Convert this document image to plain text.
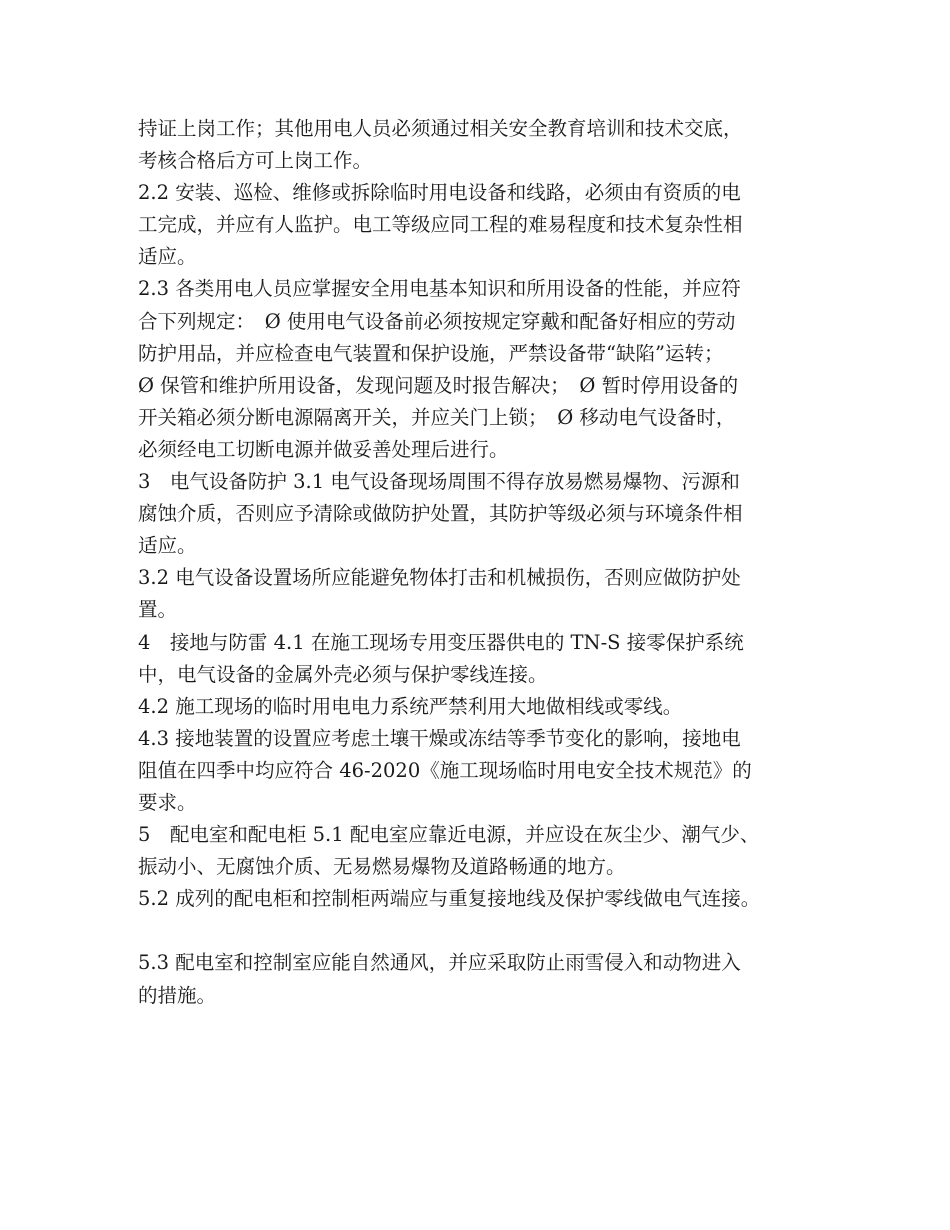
持证上岗工作；其他用电人员必须通过相关安全教育培训和技术交底，
考核合格后方可上岗工作。
2.2 安装、巡检、维修或拆除临时用电设备和线路，必须由有资质的电
工完成，并应有人监护。电工等级应同工程的难易程度和技术复杂性相
适应。
2.3 各类用电人员应掌握安全用电基本知识和所用设备的性能，并应符
合下列规定：　Ø 使用电气设备前必须按规定穿戴和配备好相应的劳动
防护用品，并应检查电气装置和保护设施，严禁设备带“缺陷”运转；
Ø 保管和维护所用设备，发现问题及时报告解决；　Ø 暂时停用设备的
开关箱必须分断电源隔离开关，并应关门上锁；　Ø 移动电气设备时，
必须经电工切断电源并做妥善处理后进行。
3　电气设备防护 3.1 电气设备现场周围不得存放易燃易爆物、污源和
腐蚀介质，否则应予清除或做防护处置，其防护等级必须与环境条件相
适应。
3.2 电气设备设置场所应能避免物体打击和机械损伤，否则应做防护处
置。
4　接地与防雷 4.1 在施工现场专用变压器供电的 TN-S 接零保护系统
中，电气设备的金属外壳必须与保护零线连接。
4.2 施工现场的临时用电电力系统严禁利用大地做相线或零线。
4.3 接地装置的设置应考虑土壤干燥或冻结等季节变化的影响，接地电
阻值在四季中均应符合 46-2020《施工现场临时用电安全技术规范》的
要求。
5　配电室和配电柜 5.1 配电室应靠近电源，并应设在灰尘少、潮气少、
振动小、无腐蚀介质、无易燃易爆物及道路畅通的地方。
5.2 成列的配电柜和控制柜两端应与重复接地线及保护零线做电气连接。
5.3 配电室和控制室应能自然通风，并应采取防止雨雪侵入和动物进入
的措施。
